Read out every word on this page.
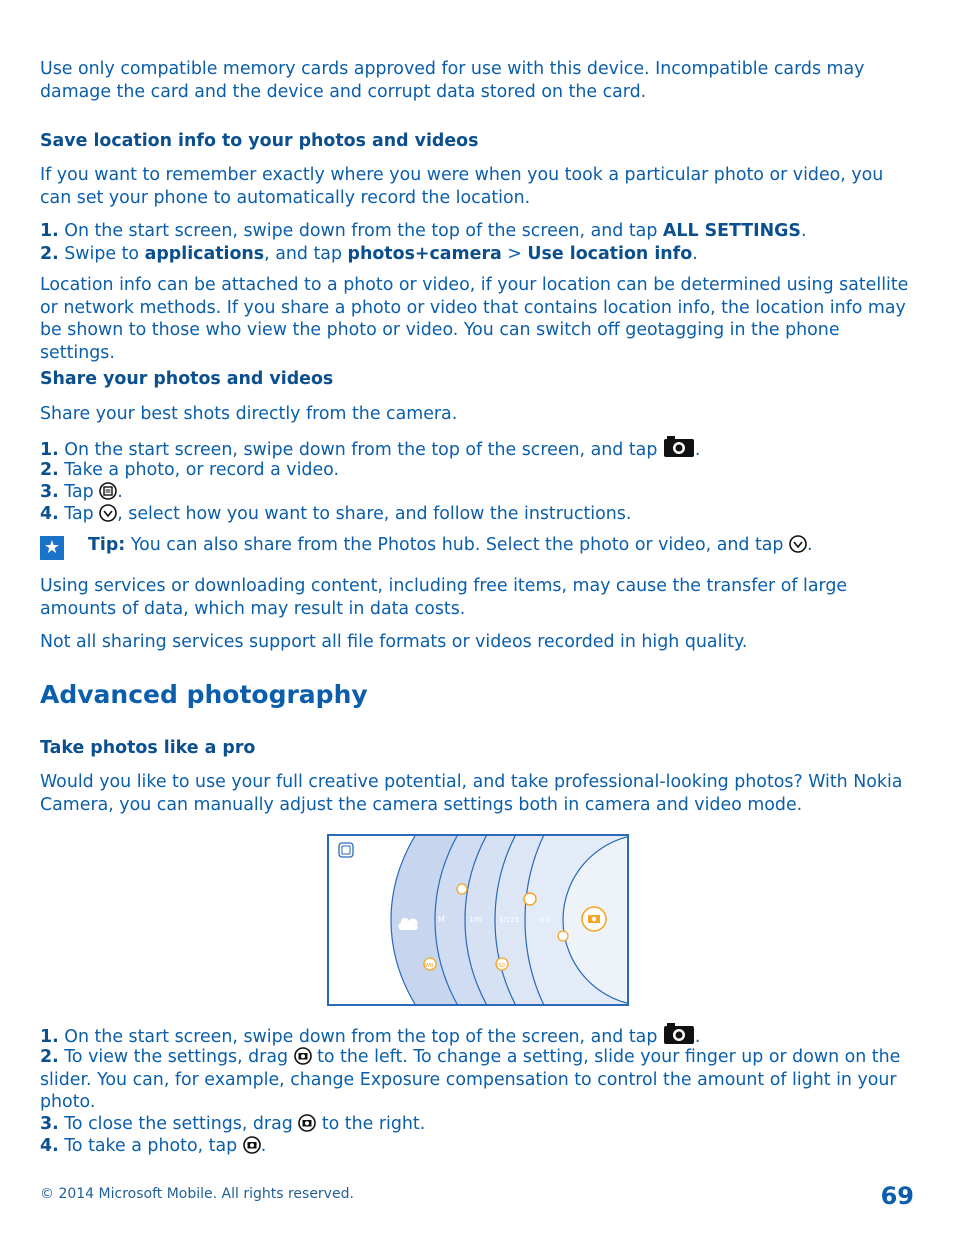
Use only compatible memory cards approved for use with this device. Incompatible cards may damage the card and the device and corrupt data stored on the card.
Save location info to your photos and videos
If you want to remember exactly where you were when you took a particular photo or video, you can set your phone to automatically record the location.
1. On the start screen, swipe down from the top of the screen, and tap ALL SETTINGS.
2. Swipe to applications, and tap photos+camera > Use location info.
Location info can be attached to a photo or video, if your location can be determined using satellite or network methods. If you share a photo or video that contains location info, the location info may be shown to those who view the photo or video. You can switch off geotagging in the phone settings.
Share your photos and videos
Share your best shots directly from the camera.
1. On the start screen, swipe down from the top of the screen, and tap .
2. Take a photo, or record a video.
3. Tap .
4. Tap , select how you want to share, and follow the instructions.
★ Tip: You can also share from the Photos hub. Select the photo or video, and tap .
Using services or downloading content, including free items, may cause the transfer of large amounts of data, which may result in data costs.
Not all sharing services support all file formats or videos recorded in high quality.
Advanced photography
Take photos like a pro
Would you like to use your full creative potential, and take professional-looking photos? With Nokia Camera, you can manually adjust the camera settings both in camera and video mode.
M	100 1/125	-0.5
WB	ISO
1. On the start screen, swipe down from the top of the screen, and tap .
2. To view the settings, drag  to the left. To change a setting, slide your finger up or down on the slider. You can, for example, change Exposure compensation to control the amount of light in your photo.
3. To close the settings, drag  to the right.
4. To take a photo, tap .
© 2014 Microsoft Mobile. All rights reserved.	69
